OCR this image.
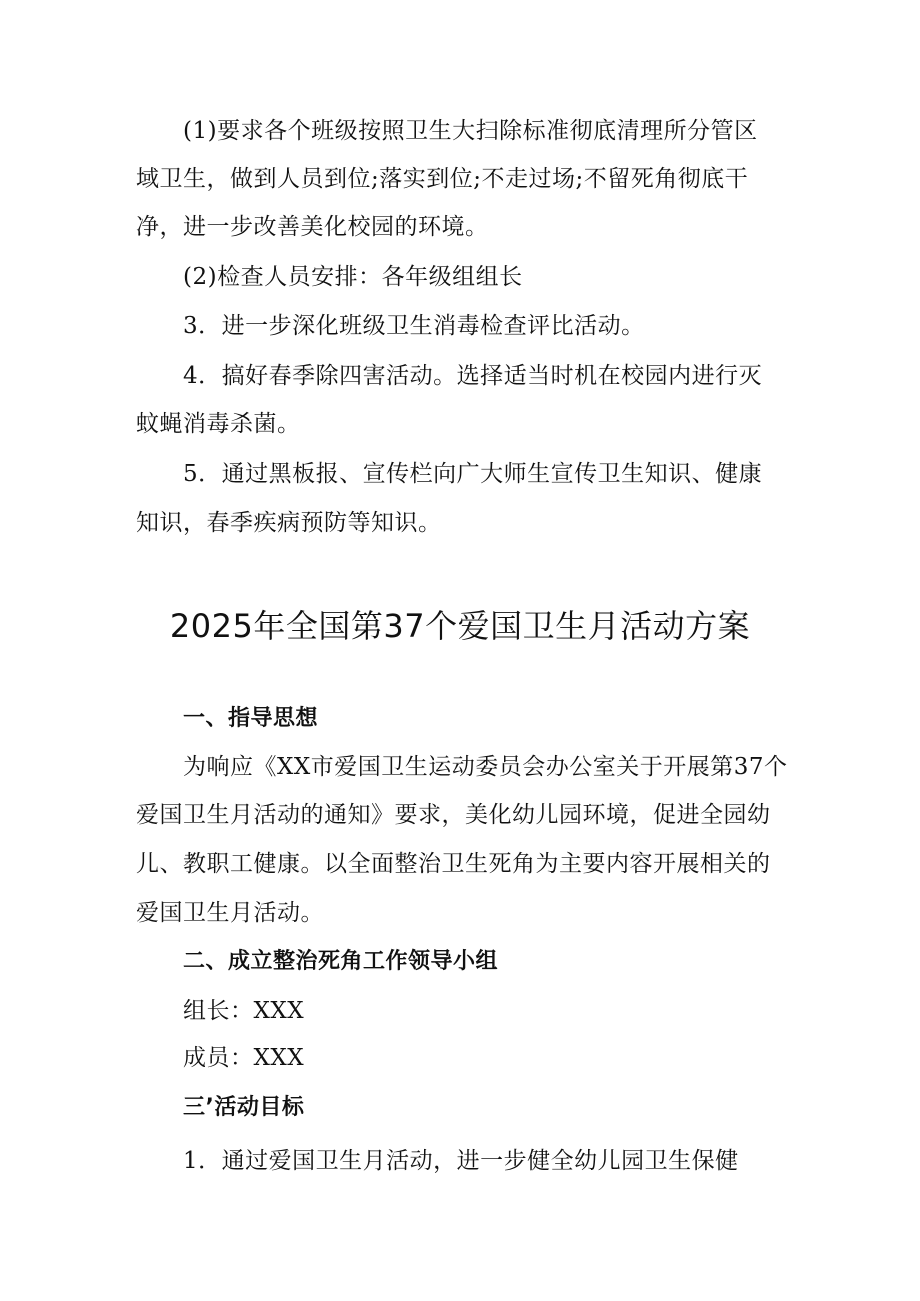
(1)要求各个班级按照卫生大扫除标准彻底清理所分管区
域卫生，做到人员到位;落实到位;不走过场;不留死角彻底干
净，进一步改善美化校园的环境。
(2)检查人员安排：各年级组组长
3．进一步深化班级卫生消毒检查评比活动。
4．搞好春季除四害活动。选择适当时机在校园内进行灭
蚊蝇消毒杀菌。
5．通过黑板报、宣传栏向广大师生宣传卫生知识、健康
知识，春季疾病预防等知识。
2025年全国第37个爱国卫生月活动方案
一、指导思想
为响应《XX市爱国卫生运动委员会办公室关于开展第37个
爱国卫生月活动的通知》要求，美化幼儿园环境，促进全园幼
儿、教职工健康。以全面整治卫生死角为主要内容开展相关的
爱国卫生月活动。
二、成立整治死角工作领导小组
组长：XXX
成员：XXX
三’活动目标
1．通过爱国卫生月活动，进一步健全幼儿园卫生保健
